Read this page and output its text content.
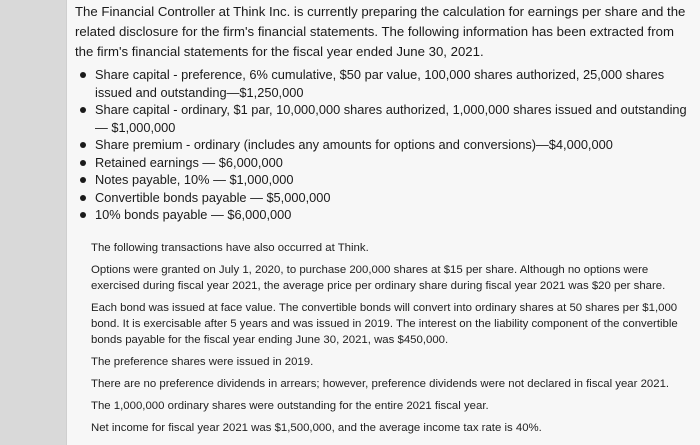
The Financial Controller at Think Inc. is currently preparing the calculation for earnings per share and the related disclosure for the firm's financial statements. The following information has been extracted from the firm's financial statements for the fiscal year ended June 30, 2021.
Share capital - preference, 6% cumulative, $50 par value, 100,000 shares authorized, 25,000 shares issued and outstanding—$1,250,000
Share capital - ordinary, $1 par, 10,000,000 shares authorized, 1,000,000 shares issued and outstanding — $1,000,000
Share premium - ordinary (includes any amounts for options and conversions)—$4,000,000
Retained earnings — $6,000,000
Notes payable, 10% — $1,000,000
Convertible bonds payable — $5,000,000
10% bonds payable — $6,000,000

The following transactions have also occurred at Think.

Options were granted on July 1, 2020, to purchase 200,000 shares at $15 per share. Although no options were exercised during fiscal year 2021, the average price per ordinary share during fiscal year 2021 was $20 per share.

Each bond was issued at face value. The convertible bonds will convert into ordinary shares at 50 shares per $1,000 bond. It is exercisable after 5 years and was issued in 2019. The interest on the liability component of the convertible bonds payable for the fiscal year ending June 30, 2021, was $450,000.

The preference shares were issued in 2019.

There are no preference dividends in arrears; however, preference dividends were not declared in fiscal year 2021.

The 1,000,000 ordinary shares were outstanding for the entire 2021 fiscal year.

Net income for fiscal year 2021 was $1,500,000, and the average income tax rate is 40%.
